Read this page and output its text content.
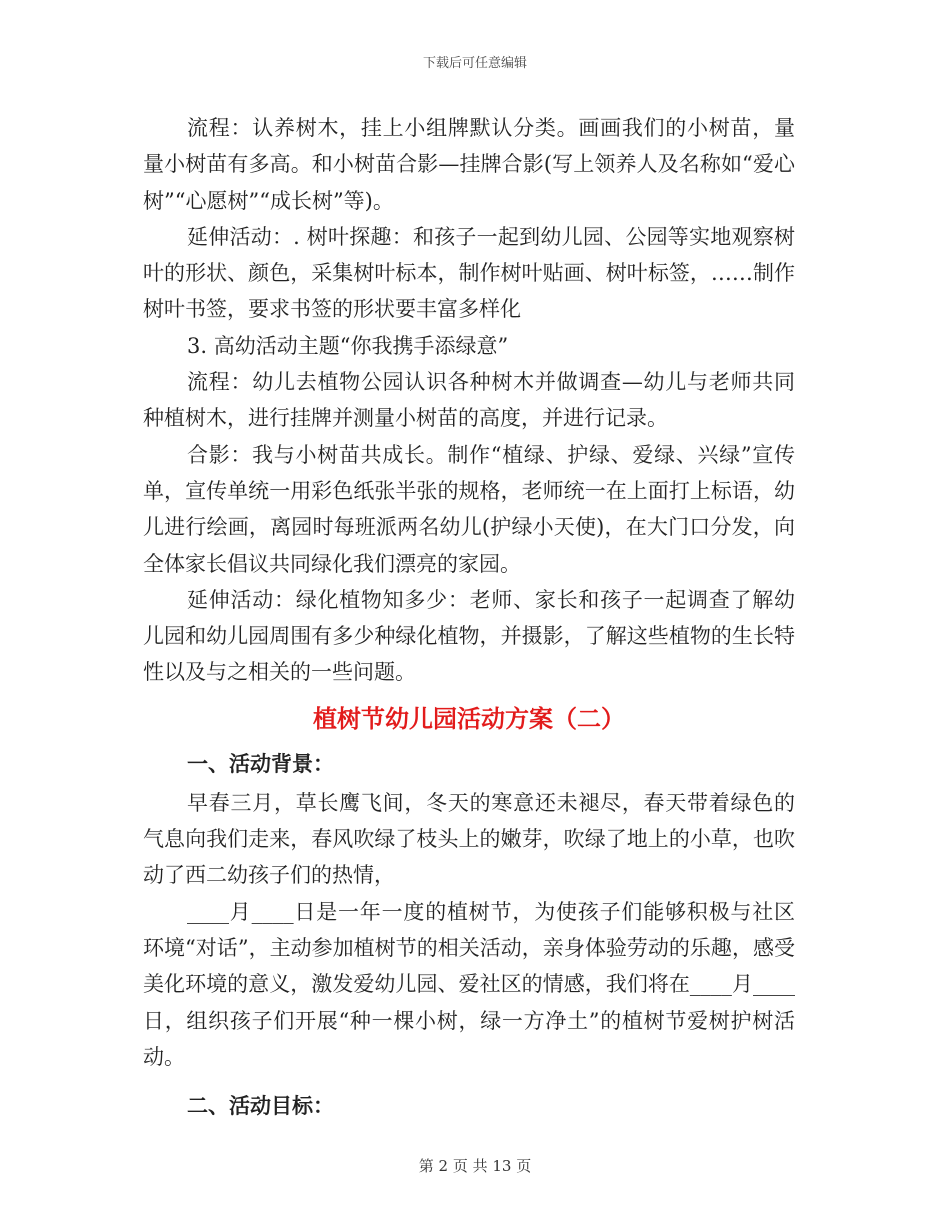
下载后可任意编辑

流程：认养树木，挂上小组牌默认分类。画画我们的小树苗，量量小树苗有多高。和小树苗合影—挂牌合影(写上领养人及名称如“爱心树”“心愿树”“成长树”等)。

延伸活动：. 树叶探趣：和孩子一起到幼儿园、公园等实地观察树叶的形状、颜色，采集树叶标本，制作树叶贴画、树叶标签，……制作树叶书签，要求书签的形状要丰富多样化

3. 高幼活动主题“你我携手添绿意”

流程：幼儿去植物公园认识各种树木并做调查—幼儿与老师共同种植树木，进行挂牌并测量小树苗的高度，并进行记录。

合影：我与小树苗共成长。制作“植绿、护绿、爱绿、兴绿”宣传单，宣传单统一用彩色纸张半张的规格，老师统一在上面打上标语，幼儿进行绘画，离园时每班派两名幼儿(护绿小天使)，在大门口分发，向全体家长倡议共同绿化我们漂亮的家园。

延伸活动：绿化植物知多少：老师、家长和孩子一起调查了解幼儿园和幼儿园周围有多少种绿化植物，并摄影，了解这些植物的生长特性以及与之相关的一些问题。

植树节幼儿园活动方案（二）
一、活动背景：

早春三月，草长鹰飞间，冬天的寒意还未褪尽，春天带着绿色的气息向我们走来，春风吹绿了枝头上的嫩芽，吹绿了地上的小草，也吹动了西二幼孩子们的热情，

____月____日是一年一度的植树节，为使孩子们能够积极与社区环境“对话”，主动参加植树节的相关活动，亲身体验劳动的乐趣，感受美化环境的意义，激发爱幼儿园、爱社区的情感，我们将在____月____日，组织孩子们开展“种一棵小树，绿一方净土”的植树节爱树护树活动。

二、活动目标：
第 2 页 共 13 页
